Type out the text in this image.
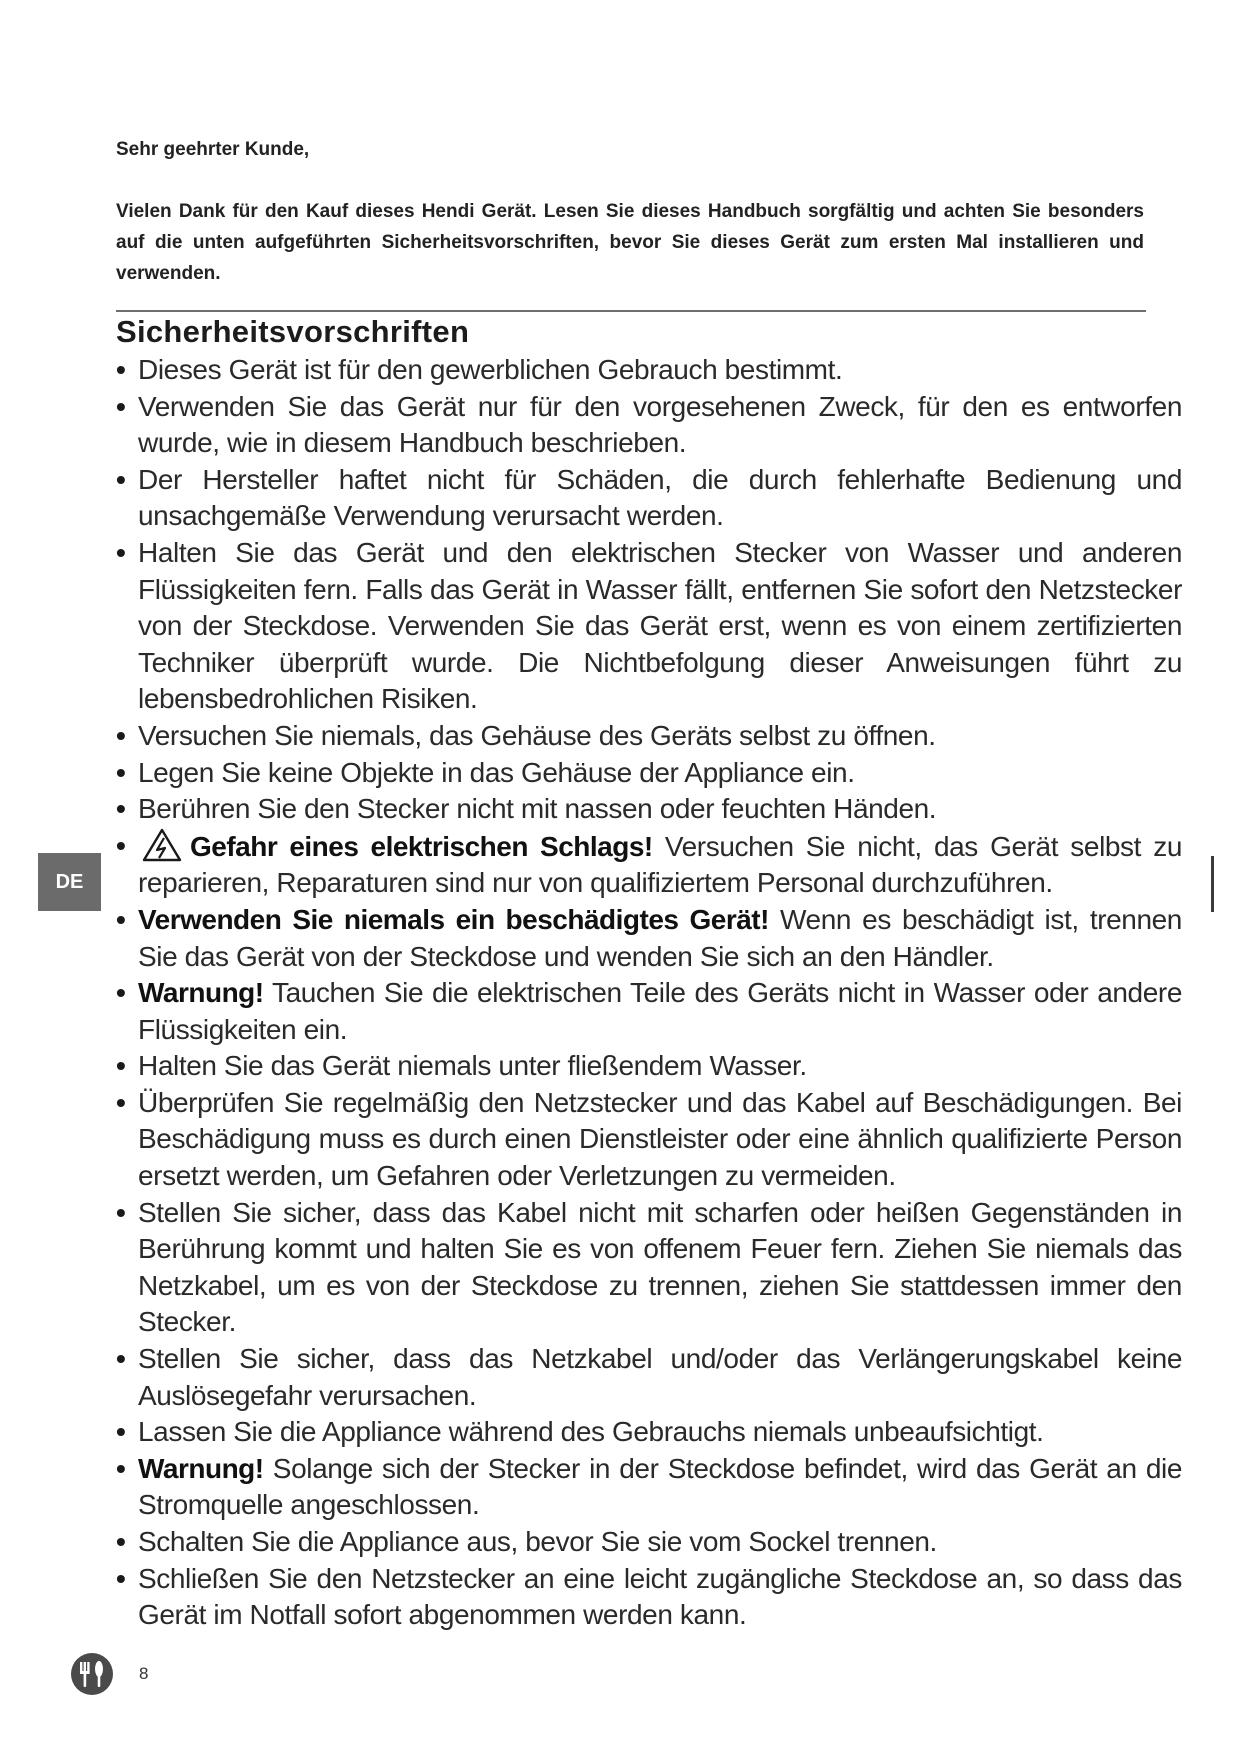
Sehr geehrter Kunde,
Vielen Dank für den Kauf dieses Hendi Gerät. Lesen Sie dieses Handbuch sorgfältig und achten Sie besonders auf die unten aufgeführten Sicherheitsvorschriften, bevor Sie dieses Gerät zum ersten Mal installieren und verwenden.
Sicherheitsvorschriften
• Dieses Gerät ist für den gewerblichen Gebrauch bestimmt.
• Verwenden Sie das Gerät nur für den vorgesehenen Zweck, für den es entworfen wurde, wie in diesem Handbuch beschrieben.
• Der Hersteller haftet nicht für Schäden, die durch fehlerhafte Bedienung und unsachgemäße Verwendung verursacht werden.
• Halten Sie das Gerät und den elektrischen Stecker von Wasser und anderen Flüssigkeiten fern. Falls das Gerät in Wasser fällt, entfernen Sie sofort den Netzstecker von der Steckdose. Verwenden Sie das Gerät erst, wenn es von einem zertifizierten Techniker überprüft wurde. Die Nichtbefolgung dieser Anweisungen führt zu lebensbedrohlichen Risiken.
• Versuchen Sie niemals, das Gehäuse des Geräts selbst zu öffnen.
• Legen Sie keine Objekte in das Gehäuse der Appliance ein.
• Berühren Sie den Stecker nicht mit nassen oder feuchten Händen.
• Gefahr eines elektrischen Schlags! Versuchen Sie nicht, das Gerät selbst zu reparieren, Reparaturen sind nur von qualifiziertem Personal durchzuführen.
• Verwenden Sie niemals ein beschädigtes Gerät! Wenn es beschädigt ist, trennen Sie das Gerät von der Steckdose und wenden Sie sich an den Händler.
• Warnung! Tauchen Sie die elektrischen Teile des Geräts nicht in Wasser oder andere Flüssigkeiten ein.
• Halten Sie das Gerät niemals unter fließendem Wasser.
• Überprüfen Sie regelmäßig den Netzstecker und das Kabel auf Beschädigungen. Bei Beschädigung muss es durch einen Dienstleister oder eine ähnlich qualifizierte Person ersetzt werden, um Gefahren oder Verletzungen zu vermeiden.
• Stellen Sie sicher, dass das Kabel nicht mit scharfen oder heißen Gegenständen in Berührung kommt und halten Sie es von offenem Feuer fern. Ziehen Sie niemals das Netzkabel, um es von der Steckdose zu trennen, ziehen Sie stattdessen immer den Stecker.
• Stellen Sie sicher, dass das Netzkabel und/oder das Verlängerungskabel keine Auslösegefahr verursachen.
• Lassen Sie die Appliance während des Gebrauchs niemals unbeaufsichtigt.
• Warnung! Solange sich der Stecker in der Steckdose befindet, wird das Gerät an die Stromquelle angeschlossen.
• Schalten Sie die Appliance aus, bevor Sie sie vom Sockel trennen.
• Schließen Sie den Netzstecker an eine leicht zugängliche Steckdose an, so dass das Gerät im Notfall sofort abgenommen werden kann.
DE
8
